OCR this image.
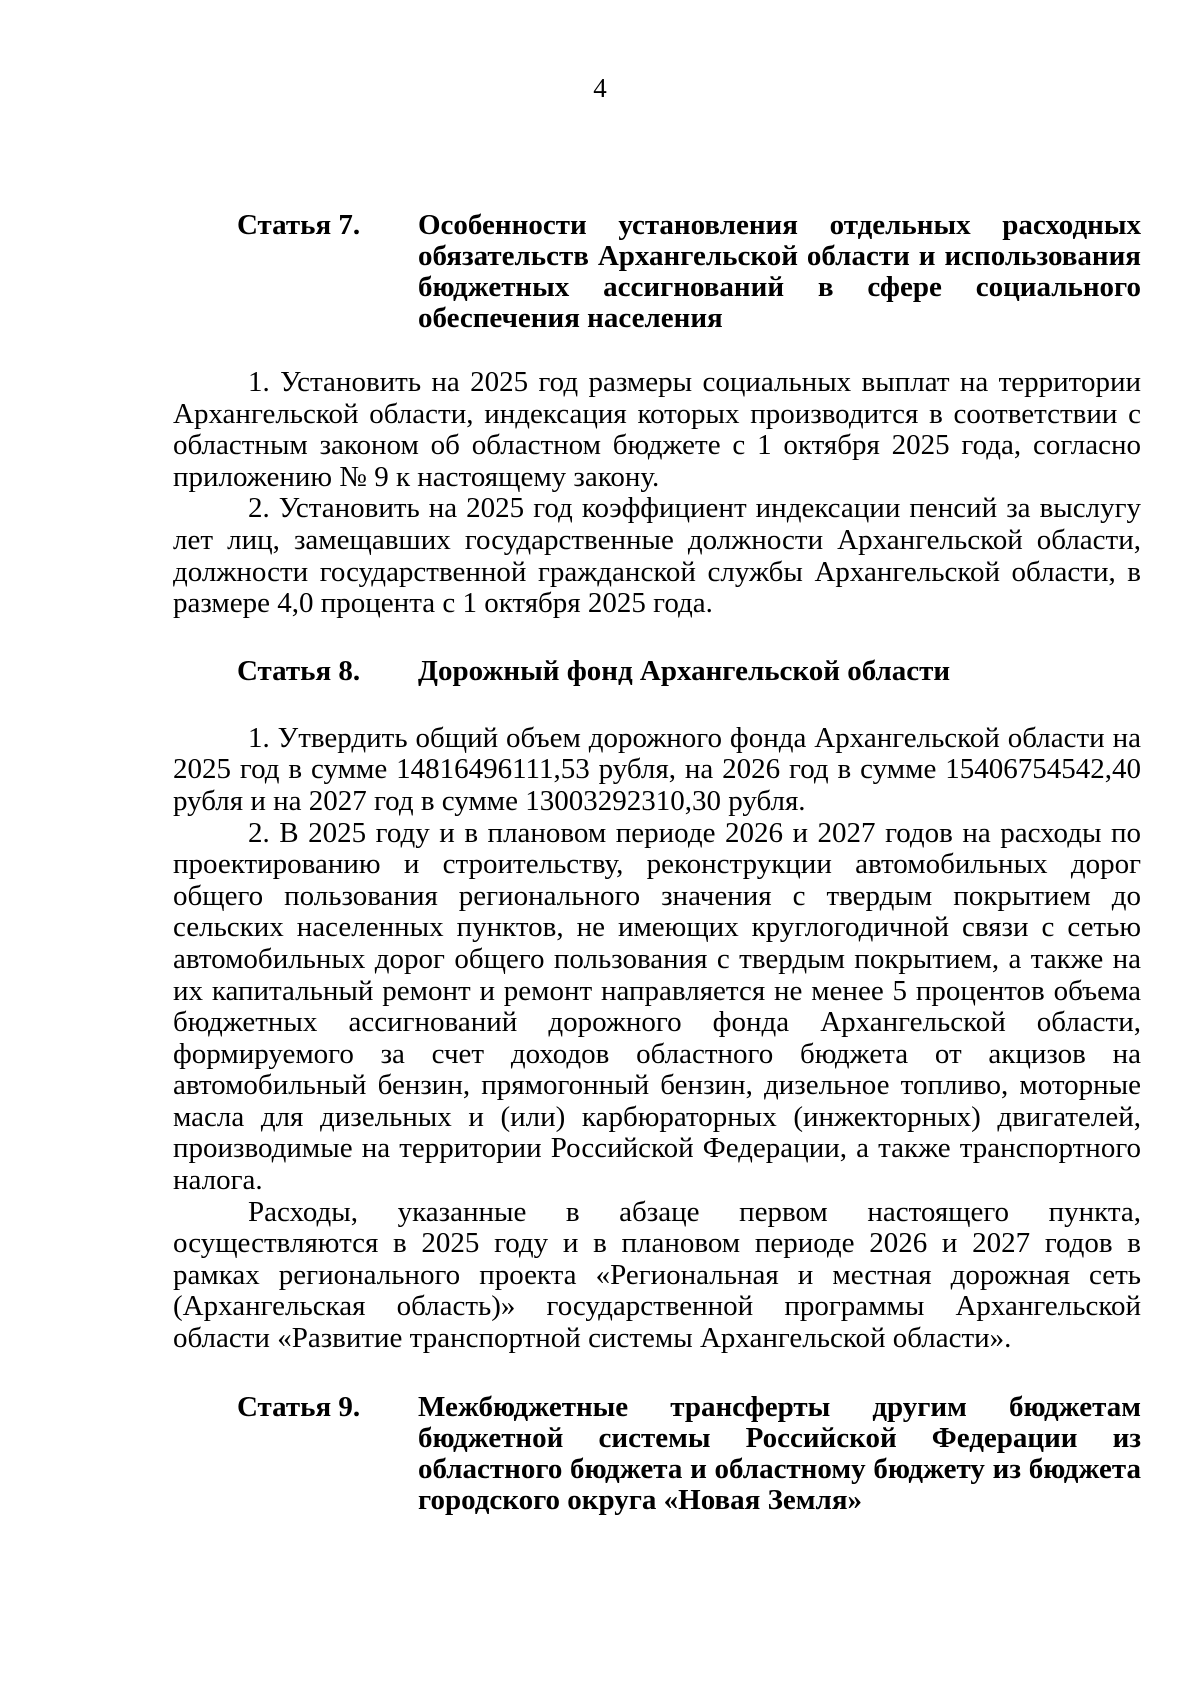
4
Статья 7.	Особенности установления отдельных расходных обязательств Архангельской области и использования бюджетных ассигнований в сфере социального обеспечения населения

1. Установить на 2025 год размеры социальных выплат на территории Архангельской области, индексация которых производится в соответствии с областным законом об областном бюджете с 1 октября 2025 года, согласно приложению № 9 к настоящему закону.

2. Установить на 2025 год коэффициент индексации пенсий за выслугу лет лиц, замещавших государственные должности Архангельской области, должности государственной гражданской службы Архангельской области, в размере 4,0 процента с 1 октября 2025 года.

Статья 8.	Дорожный фонд Архангельской области

1. Утвердить общий объем дорожного фонда Архангельской области на 2025 год в сумме 14816496111,53 рубля, на 2026 год в сумме 15406754542,40 рубля и на 2027 год в сумме 13003292310,30 рубля.

2. В 2025 году и в плановом периоде 2026 и 2027 годов на расходы по проектированию и строительству, реконструкции автомобильных дорог общего пользования регионального значения с твердым покрытием до сельских населенных пунктов, не имеющих круглогодичной связи с сетью автомобильных дорог общего пользования с твердым покрытием, а также на их капитальный ремонт и ремонт направляется не менее 5 процентов объема бюджетных ассигнований дорожного фонда Архангельской области, формируемого за счет доходов областного бюджета от акцизов на автомобильный бензин, прямогонный бензин, дизельное топливо, моторные масла для дизельных и (или) карбюраторных (инжекторных) двигателей, производимые на территории Российской Федерации, а также транспортного налога.

Расходы, указанные в абзаце первом настоящего пункта, осуществляются в 2025 году и в плановом периоде 2026 и 2027 годов в рамках регионального проекта «Региональная и местная дорожная сеть (Архангельская область)» государственной программы Архангельской области «Развитие транспортной системы Архангельской области».

Статья 9.	Межбюджетные трансферты другим бюджетам бюджетной системы Российской Федерации из областного бюджета и областному бюджету из бюджета городского округа «Новая Земля»
